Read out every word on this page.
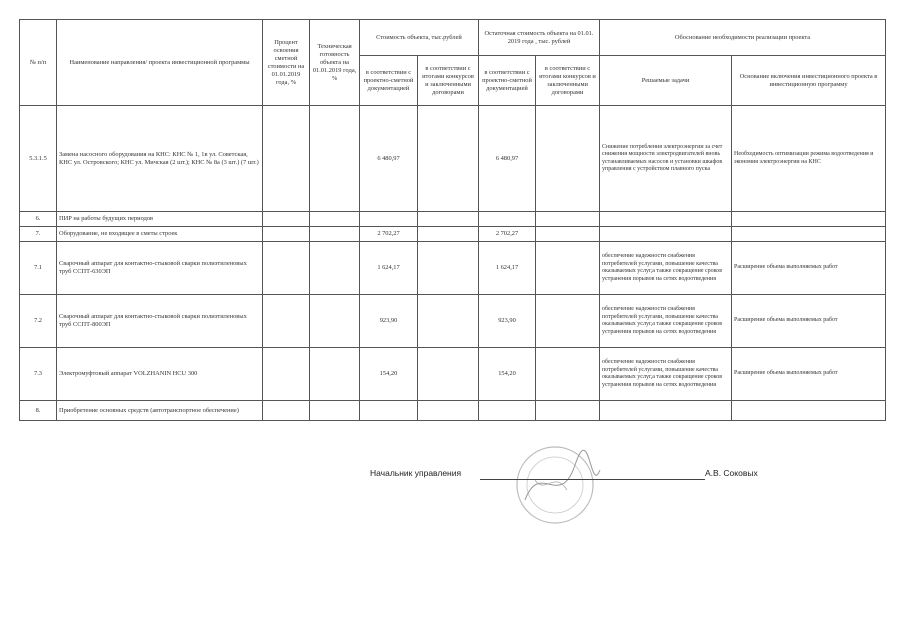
№ п/п	Наименование направления/ проекта инвестиционной программы	Процент освоения сметной стоимости на 01.01.2019 года, %	Техническая готовность объекта на 01.01.2019 года, %	Стоимость объекта, тыс.рублей		Остаточная стоимость объекта на 01.01. 2019 года , тыс. рублей		Обоснование необходимости реализации проекта	
				в соответствии с проектно-сметной документацией	в соответствии с итогами конкурсов и заключенными договорами	в соответствии с проектно-сметной документацией	в соответствии с итогами конкурсов и заключенными договорами	Решаемые задачи	Основание включения инвестиционного проекта в инвестиционную программу
5.3.1.5	Замена насосного оборудования на КНС: КНС № 1, 1в ул. Советская, КНС ул. Островского; КНС ул. Мичская (2 шт.); КНС № 8а (3 шт.) (7 шт.)			6 480,97		6 480,97		Снижение потребления электроэнергии за счет снижения мощности электродвигателей вновь устанавливаемых насосов и установки шкафов управления с устройством плавного пуска	Необходимость оптимизации режима водоотведения и экономия электроэнергии на КНС
6.	ПИР на работы будущих периодов								
7.	Оборудование, не входящее в сметы строек			2 702,27		2 702,27			
7.1	Сварочный аппарат для контактно-стыковой сварки полиэтиленовых труб ССПТ-630ЭП			1 624,17		1 624,17		обеспечение надежности снабжения потребителей услугами, повышение качества оказываемых услуг,а также сокращение сроков устранения порывов на сетях водоотведения	Расширение объема выполняемых работ
7.2	Сварочный аппарат для контактно-стыковой сварки полиэтиленовых труб ССПТ-800ЭП			923,90		923,90		обеспечение надежности снабжения потребителей услугами, повышение качества оказываемых услуг,а также сокращение сроков устранения порывов на сетях водоотведения	Расширение объема выполняемых работ
7.3	Электромуфтовый аппарат VOLZHANIN HCU 300			154,20		154,20		обеспечение надежности снабжения потребителей услугами, повышение качества оказываемых услуг,а также сокращение сроков устранения порывов на сетях водоотведения	Расширение объема выполняемых работ
8.	Приобретение основных средств (автотранспортное обеспечение)								
Начальник управления	А.В. Соковых
